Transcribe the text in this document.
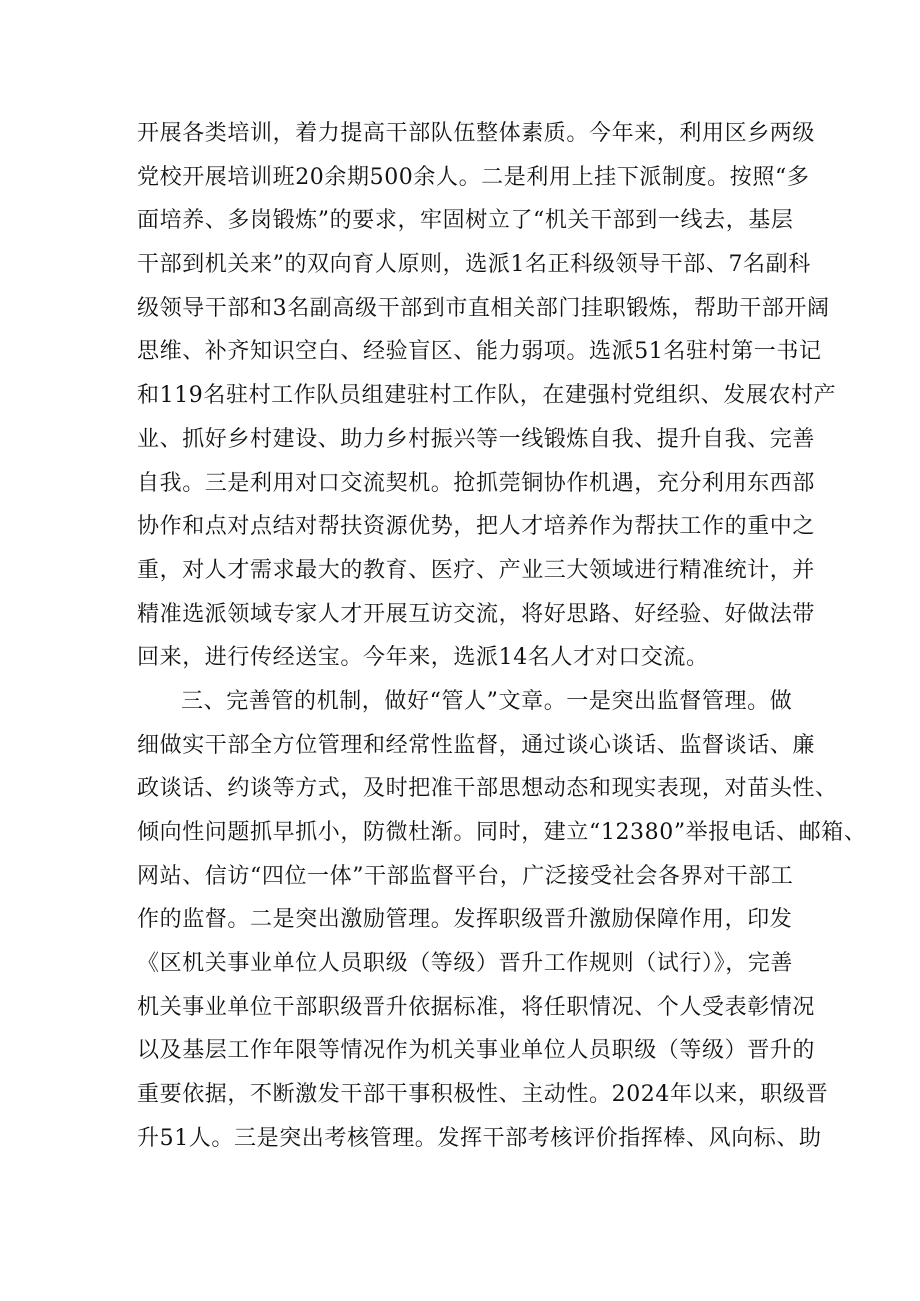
开展各类培训，着力提高干部队伍整体素质。今年来，利用区乡两级
党校开展培训班20余期500余人。二是利用上挂下派制度。按照“多
面培养、多岗锻炼”的要求，牢固树立了“机关干部到一线去，基层
干部到机关来”的双向育人原则，选派1名正科级领导干部、7名副科
级领导干部和3名副高级干部到市直相关部门挂职锻炼，帮助干部开阔
思维、补齐知识空白、经验盲区、能力弱项。选派51名驻村第一书记
和119名驻村工作队员组建驻村工作队，在建强村党组织、发展农村产
业、抓好乡村建设、助力乡村振兴等一线锻炼自我、提升自我、完善
自我。三是利用对口交流契机。抢抓莞铜协作机遇，充分利用东西部
协作和点对点结对帮扶资源优势，把人才培养作为帮扶工作的重中之
重，对人才需求最大的教育、医疗、产业三大领域进行精准统计，并
精准选派领域专家人才开展互访交流，将好思路、好经验、好做法带
回来，进行传经送宝。今年来，选派14名人才对口交流。
三、完善管的机制，做好“管人”文章。一是突出监督管理。做
细做实干部全方位管理和经常性监督，通过谈心谈话、监督谈话、廉
政谈话、约谈等方式，及时把准干部思想动态和现实表现，对苗头性、
倾向性问题抓早抓小，防微杜渐。同时，建立“12380”举报电话、邮箱、
网站、信访“四位一体”干部监督平台，广泛接受社会各界对干部工
作的监督。二是突出激励管理。发挥职级晋升激励保障作用，印发
《区机关事业单位人员职级（等级）晋升工作规则（试行）》，完善
机关事业单位干部职级晋升依据标准，将任职情况、个人受表彰情况
以及基层工作年限等情况作为机关事业单位人员职级（等级）晋升的
重要依据，不断激发干部干事积极性、主动性。2024年以来，职级晋
升51人。三是突出考核管理。发挥干部考核评价指挥棒、风向标、助
